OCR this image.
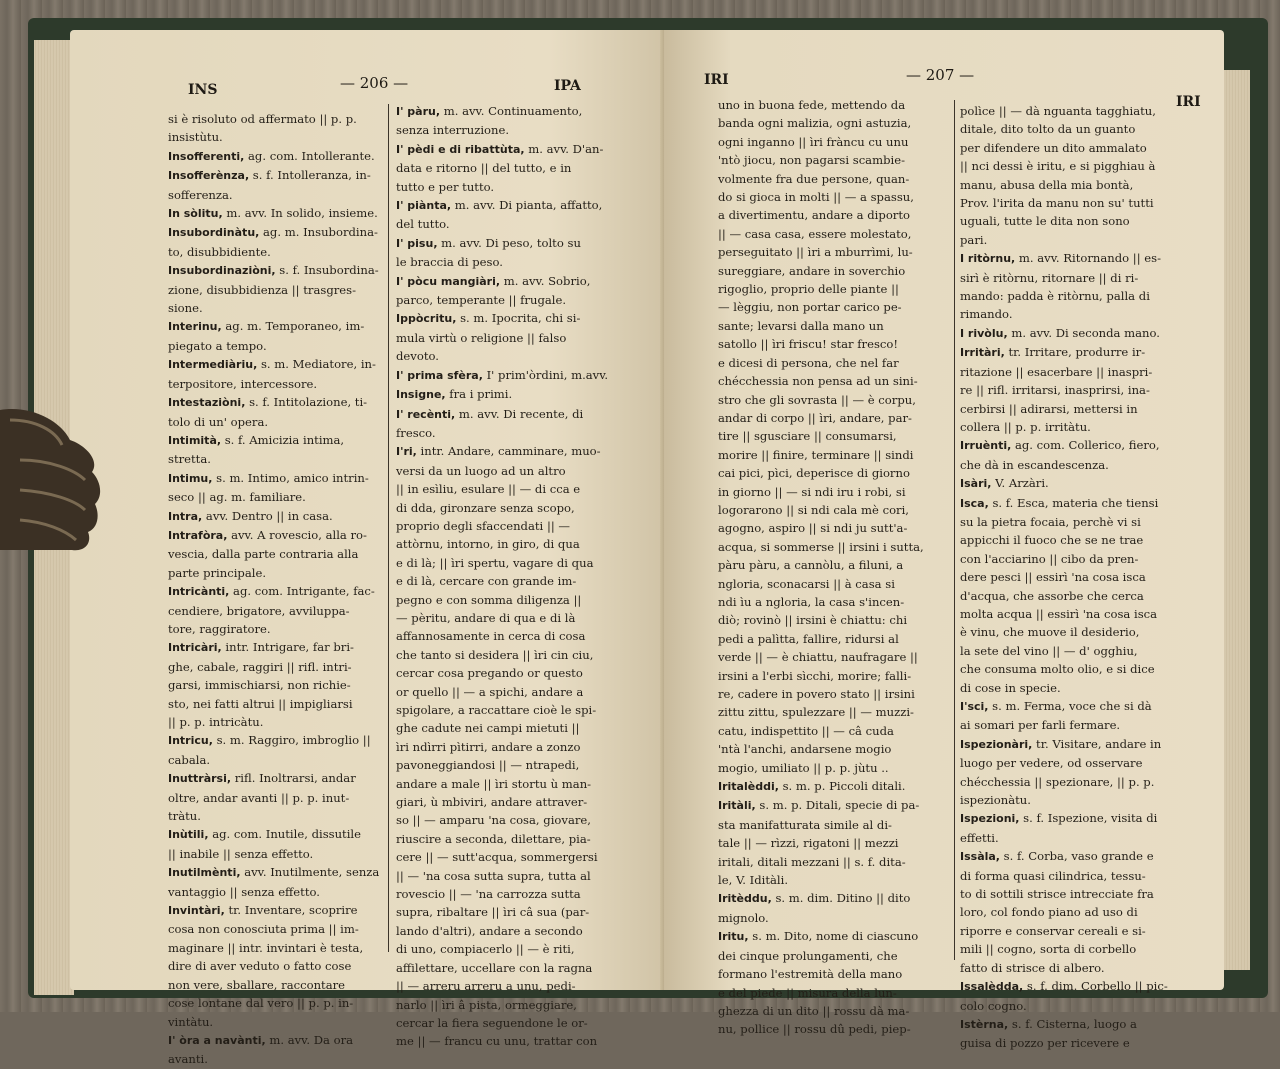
INS	— 206 —	IPA

si è risoluto od affermato || p. p.

insistùtu.

Insofferenti, ag. com. Intollerante.

Insofferènza, s. f. Intolleranza, in-

sofferenza.

In sòlitu, m. avv. In solido, insieme.

Insubordinàtu, ag. m. Insubordina-

to, disubbidiente.

Insubordinaziòni, s. f. Insubordina-

zione, disubbidienza || trasgres-

sione.

Interinu, ag. m. Temporaneo, im-

piegato a tempo.

Intermediàriu, s. m. Mediatore, in-

terpositore, intercessore.

Intestaziòni, s. f. Intitolazione, ti-

tolo di un' opera.

Intimità, s. f. Amicizia intima,

stretta.

Intimu, s. m. Intimo, amico intrin-

seco || ag. m. familiare.

Intra, avv. Dentro || in casa.

Intrafòra, avv. A rovescio, alla ro-

vescia, dalla parte contraria alla

parte principale.

Intricànti, ag. com. Intrigante, fac-

cendiere, brigatore, avviluppa-

tore, raggiratore.

Intricàri, intr. Intrigare, far bri-

ghe, cabale, raggiri || rifl. intri-

garsi, immischiarsi, non richie-

sto, nei fatti altrui || impigliarsi

|| p. p. intricàtu.

Intricu, s. m. Raggiro, imbroglio ||

cabala.

Inuttràrsi, rifl. Inoltrarsi, andar

oltre, andar avanti || p. p. inut-

tràtu.

Inùtili, ag. com. Inutile, dissutile

|| inabile || senza effetto.

Inutilmènti, avv. Inutilmente, senza

vantaggio || senza effetto.

Invintàri, tr. Inventare, scoprire

cosa non conosciuta prima || im-

maginare || intr. invintari è testa,

dire di aver veduto o fatto cose

non vere, sballare, raccontare

cose lontane dal vero || p. p. in-

vintàtu.

I' òra a navànti, m. avv. Da ora

avanti.

I' pàru, m. avv. Continuamento,

senza interruzione.

I' pèdi e di ribattùta, m. avv. D'an-

data e ritorno || del tutto, e in

tutto e per tutto.

I' piànta, m. avv. Di pianta, affatto,

del tutto.

I' pisu, m. avv. Di peso, tolto su

le braccia di peso.

I' pòcu mangiàri, m. avv. Sobrio,

parco, temperante || frugale.

Ippòcritu, s. m. Ipocrita, chi si-

mula virtù o religione || falso

devoto.

I' prima sfèra, I' prim'òrdini, m.avv.

Insigne, fra i primi.

I' recènti, m. avv. Di recente, di

fresco.

I'ri, intr. Andare, camminare, muo-

versi da un luogo ad un altro

|| in esìliu, esulare || — di cca e

di dda, gironzare senza scopo,

proprio degli sfaccendati || —

attòrnu, intorno, in giro, di qua

e di là; || ìri spertu, vagare di qua

e di là, cercare con grande im-

pegno e con somma diligenza ||

— pèritu, andare di qua e di là

affannosamente in cerca di cosa

che tanto si desidera || ìri cin ciu,

cercar cosa pregando or questo

or quello || — a spichi, andare a

spigolare, a raccattare cioè le spi-

ghe cadute nei campi mietuti ||

ìri ndìrri pìtirri, andare a zonzo

pavoneggiandosi || — ntrapedi,

andare a male || ìri stortu ù man-

giari, ù mbiviri, andare attraver-

so || — amparu 'na cosa, giovare,

riuscire a seconda, dilettare, pia-

cere || — sutt'acqua, sommergersi

|| — 'na cosa sutta supra, tutta al

rovescio || — 'na carrozza sutta

supra, ribaltare || ìri câ sua (par-

lando d'altri), andare a secondo

di uno, compiacerlo || — è riti,

affilettare, uccellare con la ragna

|| — arreru arreru a unu, pedi-

narlo || ìri â pista, ormeggiare,

cercar la fiera seguendone le or-

me || — francu cu unu, trattar con

IRI	— 207 —
IRI

uno in buona fede, mettendo da

banda ogni malizia, ogni astuzia,

ogni inganno || ìri fràncu cu unu

'ntò jiocu, non pagarsi scambie-

volmente fra due persone, quan-

do si gioca in molti || — a spassu,

a divertimentu, andare a diporto

|| — casa casa, essere molestato,

perseguitato || ìri a mburrìmi, lu-

sureggiare, andare in soverchio

rigoglio, proprio delle piante ||

— lèggiu, non portar carico pe-

sante; levarsi dalla mano un

satollo || ìri friscu! star fresco!

e dicesi di persona, che nel far

chécchessia non pensa ad un sini-

stro che gli sovrasta || — è corpu,

andar di corpo || ìri, andare, par-

tire || sgusciare || consumarsi,

morire || finire, terminare || sindi

cai pici, pìci, deperisce di giorno

in giorno || — si ndi iru i robi, si

logorarono || si ndi cala mè cori,

agogno, aspiro || si ndi ju sutt'a-

acqua, si sommerse || irsini i sutta,

pàru pàru, a cannòlu, a filuni, a

ngloria, sconacarsi || à casa si

ndi ìu a ngloria, la casa s'incen-

diò; rovinò || irsini è chiattu: chi

pedi a palìtta, fallire, ridursi al

verde || — è chiattu, naufragare ||

irsini a l'erbi sìcchi, morire; falli-

re, cadere in povero stato || irsini

zittu zittu, spulezzare || — muzzi-

catu, indispettito || — câ cuda

'ntà l'anchi, andarsene mogio

mogio, umiliato || p. p. jùtu ..

Iritalèddi, s. m. p. Piccoli ditali.

Iritàli, s. m. p. Ditali, specie di pa-

sta manifatturata simile al di-

tale || — rìzzi, rigatoni || mezzi

iritali, ditali mezzani || s. f. dita-

le, V. Iditàli.

Iritèddu, s. m. dim. Ditino || dito

mignolo.

Iritu, s. m. Dito, nome di ciascuno

dei cinque prolungamenti, che

formano l'estremità della mano

e del piede || misura della lun-

ghezza di un dito || rossu dà ma-

nu, pollice || rossu dû pedi, piep-

polìce || — dà nguanta tagghiatu,

ditale, dito tolto da un guanto

per difendere un dito ammalato

|| nci dessi è iritu, e si pigghiau à

manu, abusa della mia bontà,

Prov. l'irita da manu non su' tutti

uguali, tutte le dita non sono

pari.

I ritòrnu, m. avv. Ritornando || es-

sirì è ritòrnu, ritornare || di ri-

mando: padda è ritòrnu, palla di

rimando.

I rivòlu, m. avv. Di seconda mano.

Irritàri, tr. Irritare, produrre ir-

ritazione || esacerbare || inaspri-

re || rifl. irritarsi, inasprirsi, ina-

cerbirsi || adirarsi, mettersi in

collera || p. p. irritàtu.

Irruènti, ag. com. Collerico, fiero,

che dà in escandescenza.

Isàri, V. Arzàri.

Isca, s. f. Esca, materia che tiensi

su la pietra focaia, perchè vi si

appicchi il fuoco che se ne trae

con l'acciarino || cibo da pren-

dere pesci || essirì 'na cosa isca

d'acqua, che assorbe che cerca

molta acqua || essirì 'na cosa isca

è vinu, che muove il desiderio,

la sete del vino || — d' ogghiu,

che consuma molto olio, e si dice

di cose in specie.

I'sci, s. m. Ferma, voce che si dà

ai somari per farli fermare.

Ispezionàri, tr. Visitare, andare in

luogo per vedere, od osservare

chécchessia || spezionare, || p. p.

ispezionàtu.

Ispezioni, s. f. Ispezione, visita di

effetti.

Issàla, s. f. Corba, vaso grande e

di forma quasi cilindrica, tessu-

to di sottili strisce intrecciate fra

loro, col fondo piano ad uso di

riporre e conservar cereali e si-

mili || cogno, sorta di corbello

fatto di strisce di albero.

Issalèdda, s. f. dim. Corbello || pic-

colo cogno.

Istèrna, s. f. Cisterna, luogo a

guisa di pozzo per ricevere e
